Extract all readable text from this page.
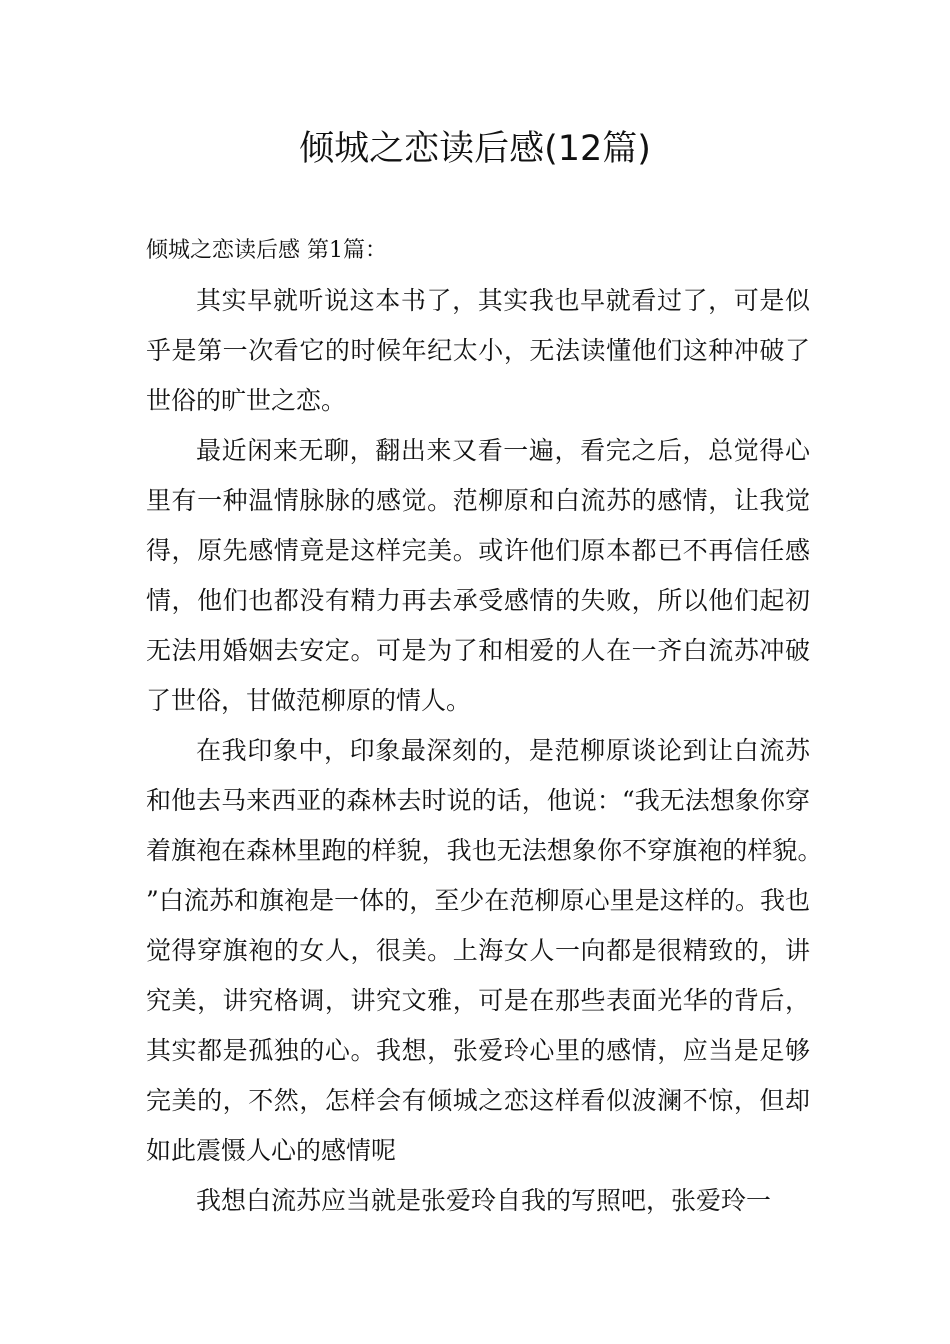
倾城之恋读后感(12篇)

倾城之恋读后感 第1篇：

其实早就听说这本书了，其实我也早就看过了，可是似乎是第一次看它的时候年纪太小，无法读懂他们这种冲破了世俗的旷世之恋。

最近闲来无聊，翻出来又看一遍，看完之后，总觉得心里有一种温情脉脉的感觉。范柳原和白流苏的感情，让我觉得，原先感情竟是这样完美。或许他们原本都已不再信任感情，他们也都没有精力再去承受感情的失败，所以他们起初无法用婚姻去安定。可是为了和相爱的人在一齐白流苏冲破了世俗，甘做范柳原的情人。

在我印象中，印象最深刻的，是范柳原谈论到让白流苏和他去马来西亚的森林去时说的话，他说：“我无法想象你穿着旗袍在森林里跑的样貌，我也无法想象你不穿旗袍的样貌。”白流苏和旗袍是一体的，至少在范柳原心里是这样的。我也觉得穿旗袍的女人，很美。上海女人一向都是很精致的，讲究美，讲究格调，讲究文雅，可是在那些表面光华的背后，其实都是孤独的心。我想，张爱玲心里的感情，应当是足够完美的，不然，怎样会有倾城之恋这样看似波澜不惊，但却如此震慑人心的感情呢

我想白流苏应当就是张爱玲自我的写照吧，张爱玲一
